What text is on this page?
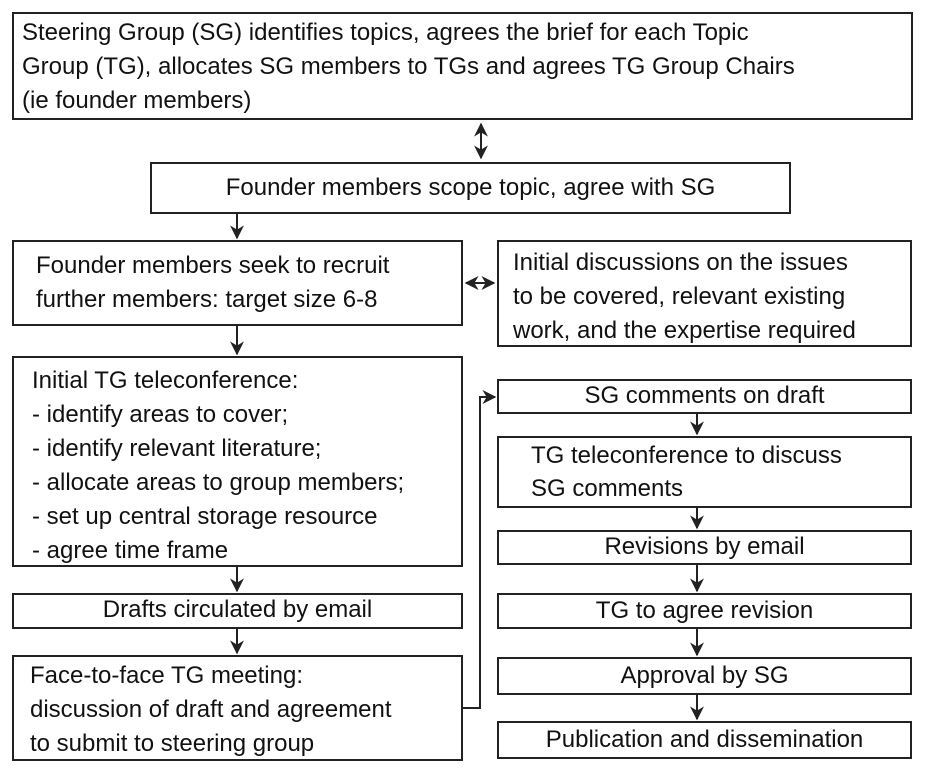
Steering Group (SG) identifies topics, agrees the brief for each Topic
Group (TG), allocates SG members to TGs and agrees TG Group Chairs
(ie founder members)
Founder members scope topic, agree with SG
Founder members seek to recruit
further members: target size 6-8
Initial discussions on the issues
to be covered, relevant existing
work, and the expertise required
Initial TG teleconference:
- identify areas to cover;
- identify relevant literature;
- allocate areas to group members;
- set up central storage resource
- agree time frame
Drafts circulated by email
Face-to-face TG meeting:
discussion of draft and agreement
to submit to steering group
SG comments on draft
TG teleconference to discuss
SG comments
Revisions by email
TG to agree revision
Approval by SG
Publication and dissemination
